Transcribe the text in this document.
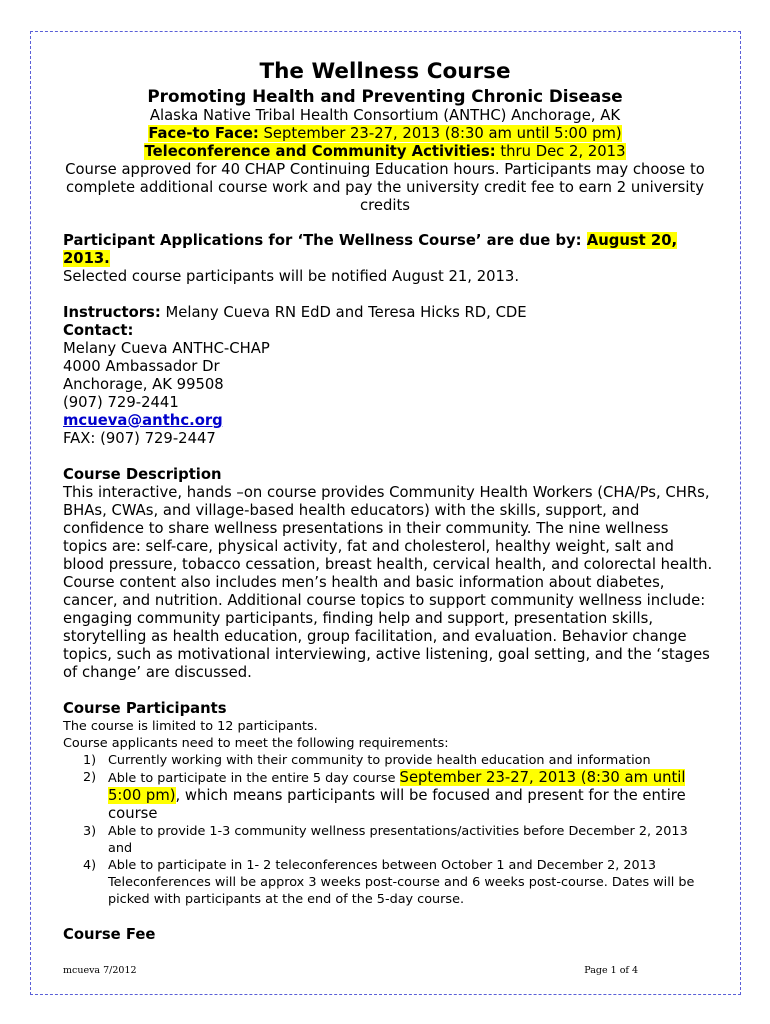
The Wellness Course
Promoting Health and Preventing Chronic Disease
Alaska Native Tribal Health Consortium (ANTHC) Anchorage, AK
Face-to Face: September 23-27, 2013 (8:30 am until 5:00 pm)
Teleconference and Community Activities: thru Dec 2, 2013
Course approved for 40 CHAP Continuing Education hours. Participants may choose to complete additional course work and pay the university credit fee to earn 2 university credits

Participant Applications for ‘The Wellness Course’ are due by: August 20, 2013.

Selected course participants will be notified August 21, 2013.

Instructors: Melany Cueva RN EdD and Teresa Hicks RD, CDE

Contact:

Melany Cueva ANTHC-CHAP

4000 Ambassador Dr

Anchorage, AK 99508

(907) 729-2441

mcueva@anthc.org

FAX: (907) 729-2447

Course Description

This interactive, hands –on course provides Community Health Workers (CHA/Ps, CHRs, BHAs, CWAs, and village-based health educators) with the skills, support, and confidence to share wellness presentations in their community. The nine wellness topics are: self-care, physical activity, fat and cholesterol, healthy weight, salt and blood pressure, tobacco cessation, breast health, cervical health, and colorectal health. Course content also includes men’s health and basic information about diabetes, cancer, and nutrition. Additional course topics to support community wellness include: engaging community participants, finding help and support, presentation skills, storytelling as health education, group facilitation, and evaluation. Behavior change topics, such as motivational interviewing, active listening, goal setting, and the ‘stages of change’ are discussed.

Course Participants

The course is limited to 12 participants.

Course applicants need to meet the following requirements:

1) Currently working with their community to provide health education and information
2) Able to participate in the entire 5 day course September 23-27, 2013 (8:30 am until 5:00 pm), which means participants will be focused and present for the entire course
3) Able to provide 1-3 community wellness presentations/activities before December 2, 2013 and
4) Able to participate in 1- 2 teleconferences between October 1 and December 2, 2013
Teleconferences will be approx 3 weeks post-course and 6 weeks post-course. Dates will be picked with participants at the end of the 5-day course.

Course Fee

mcueva 7/2012	Page 1 of 4
